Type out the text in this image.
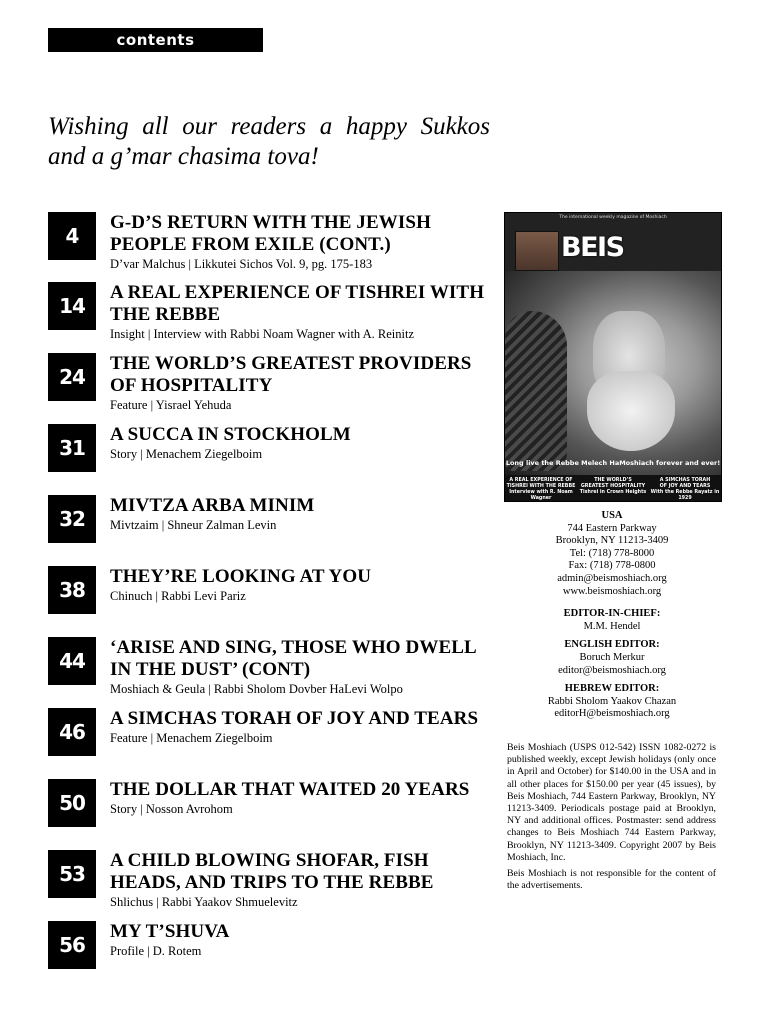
contents
Wishing all our readers a happy Sukkos
and a g’mar chasima tova!
4
G-D’S RETURN WITH THE JEWISH
PEOPLE FROM EXILE (CONT.)
D’var Malchus | Likkutei Sichos Vol. 9, pg. 175-183
14
A REAL EXPERIENCE OF TISHREI WITH
THE REBBE
Insight | Interview with Rabbi Noam Wagner with A. Reinitz
24
THE WORLD’S GREATEST PROVIDERS
OF HOSPITALITY
Feature | Yisrael Yehuda
31
A SUCCA IN STOCKHOLM
Story | Menachem Ziegelboim
32
MIVTZA ARBA MINIM
Mivtzaim | Shneur Zalman Levin
38
THEY’RE LOOKING AT YOU
Chinuch | Rabbi Levi Pariz
44
‘ARISE AND SING, THOSE WHO DWELL
IN THE DUST’ (CONT)
Moshiach & Geula | Rabbi Sholom Dovber HaLevi Wolpo
46
A SIMCHAS TORAH OF JOY AND TEARS
Feature | Menachem Ziegelboim
50
THE DOLLAR THAT WAITED 20 YEARS
Story | Nosson Avrohom
53
A CHILD BLOWING SHOFAR, FISH
HEADS, AND TRIPS TO THE REBBE
Shlichus | Rabbi Yaakov Shmuelevitz
56
MY T’SHUVA
Profile | D. Rotem
The international weekly magazine of Moshiach
BEIS
Long live the Rebbe Melech HaMoshiach forever and ever!
A REAL EXPERIENCE OF
TISHREI WITH THE REBBE
Interview with R. Noam Wagner
THE WORLD’S
GREATEST HOSPITALITY
Tishrei in Crown Heights
A SIMCHAS TORAH
OF JOY AND TEARS
With the Rebbe Rayatz in 1929
USA
744 Eastern Parkway
Brooklyn, NY 11213-3409
Tel: (718) 778-8000
Fax: (718) 778-0800
admin@beismoshiach.org
www.beismoshiach.org
EDITOR-IN-CHIEF:
M.M. Hendel
ENGLISH EDITOR:
Boruch Merkur
editor@beismoshiach.org
HEBREW EDITOR:
Rabbi Sholom Yaakov Chazan
editorH@beismoshiach.org

Beis Moshiach (USPS 012-542) ISSN 1082-0272 is published weekly, except Jewish holidays (only once in April and October) for $140.00 in the USA and in all other places for $150.00 per year (45 issues), by Beis Moshiach, 744 Eastern Parkway, Brooklyn, NY 11213-3409. Periodicals postage paid at Brooklyn, NY and additional offices. Postmaster: send address changes to Beis Moshiach 744 Eastern Parkway, Brooklyn, NY 11213-3409. Copyright 2007 by Beis Moshiach, Inc.

Beis Moshiach is not responsible for the content of the advertisements.
